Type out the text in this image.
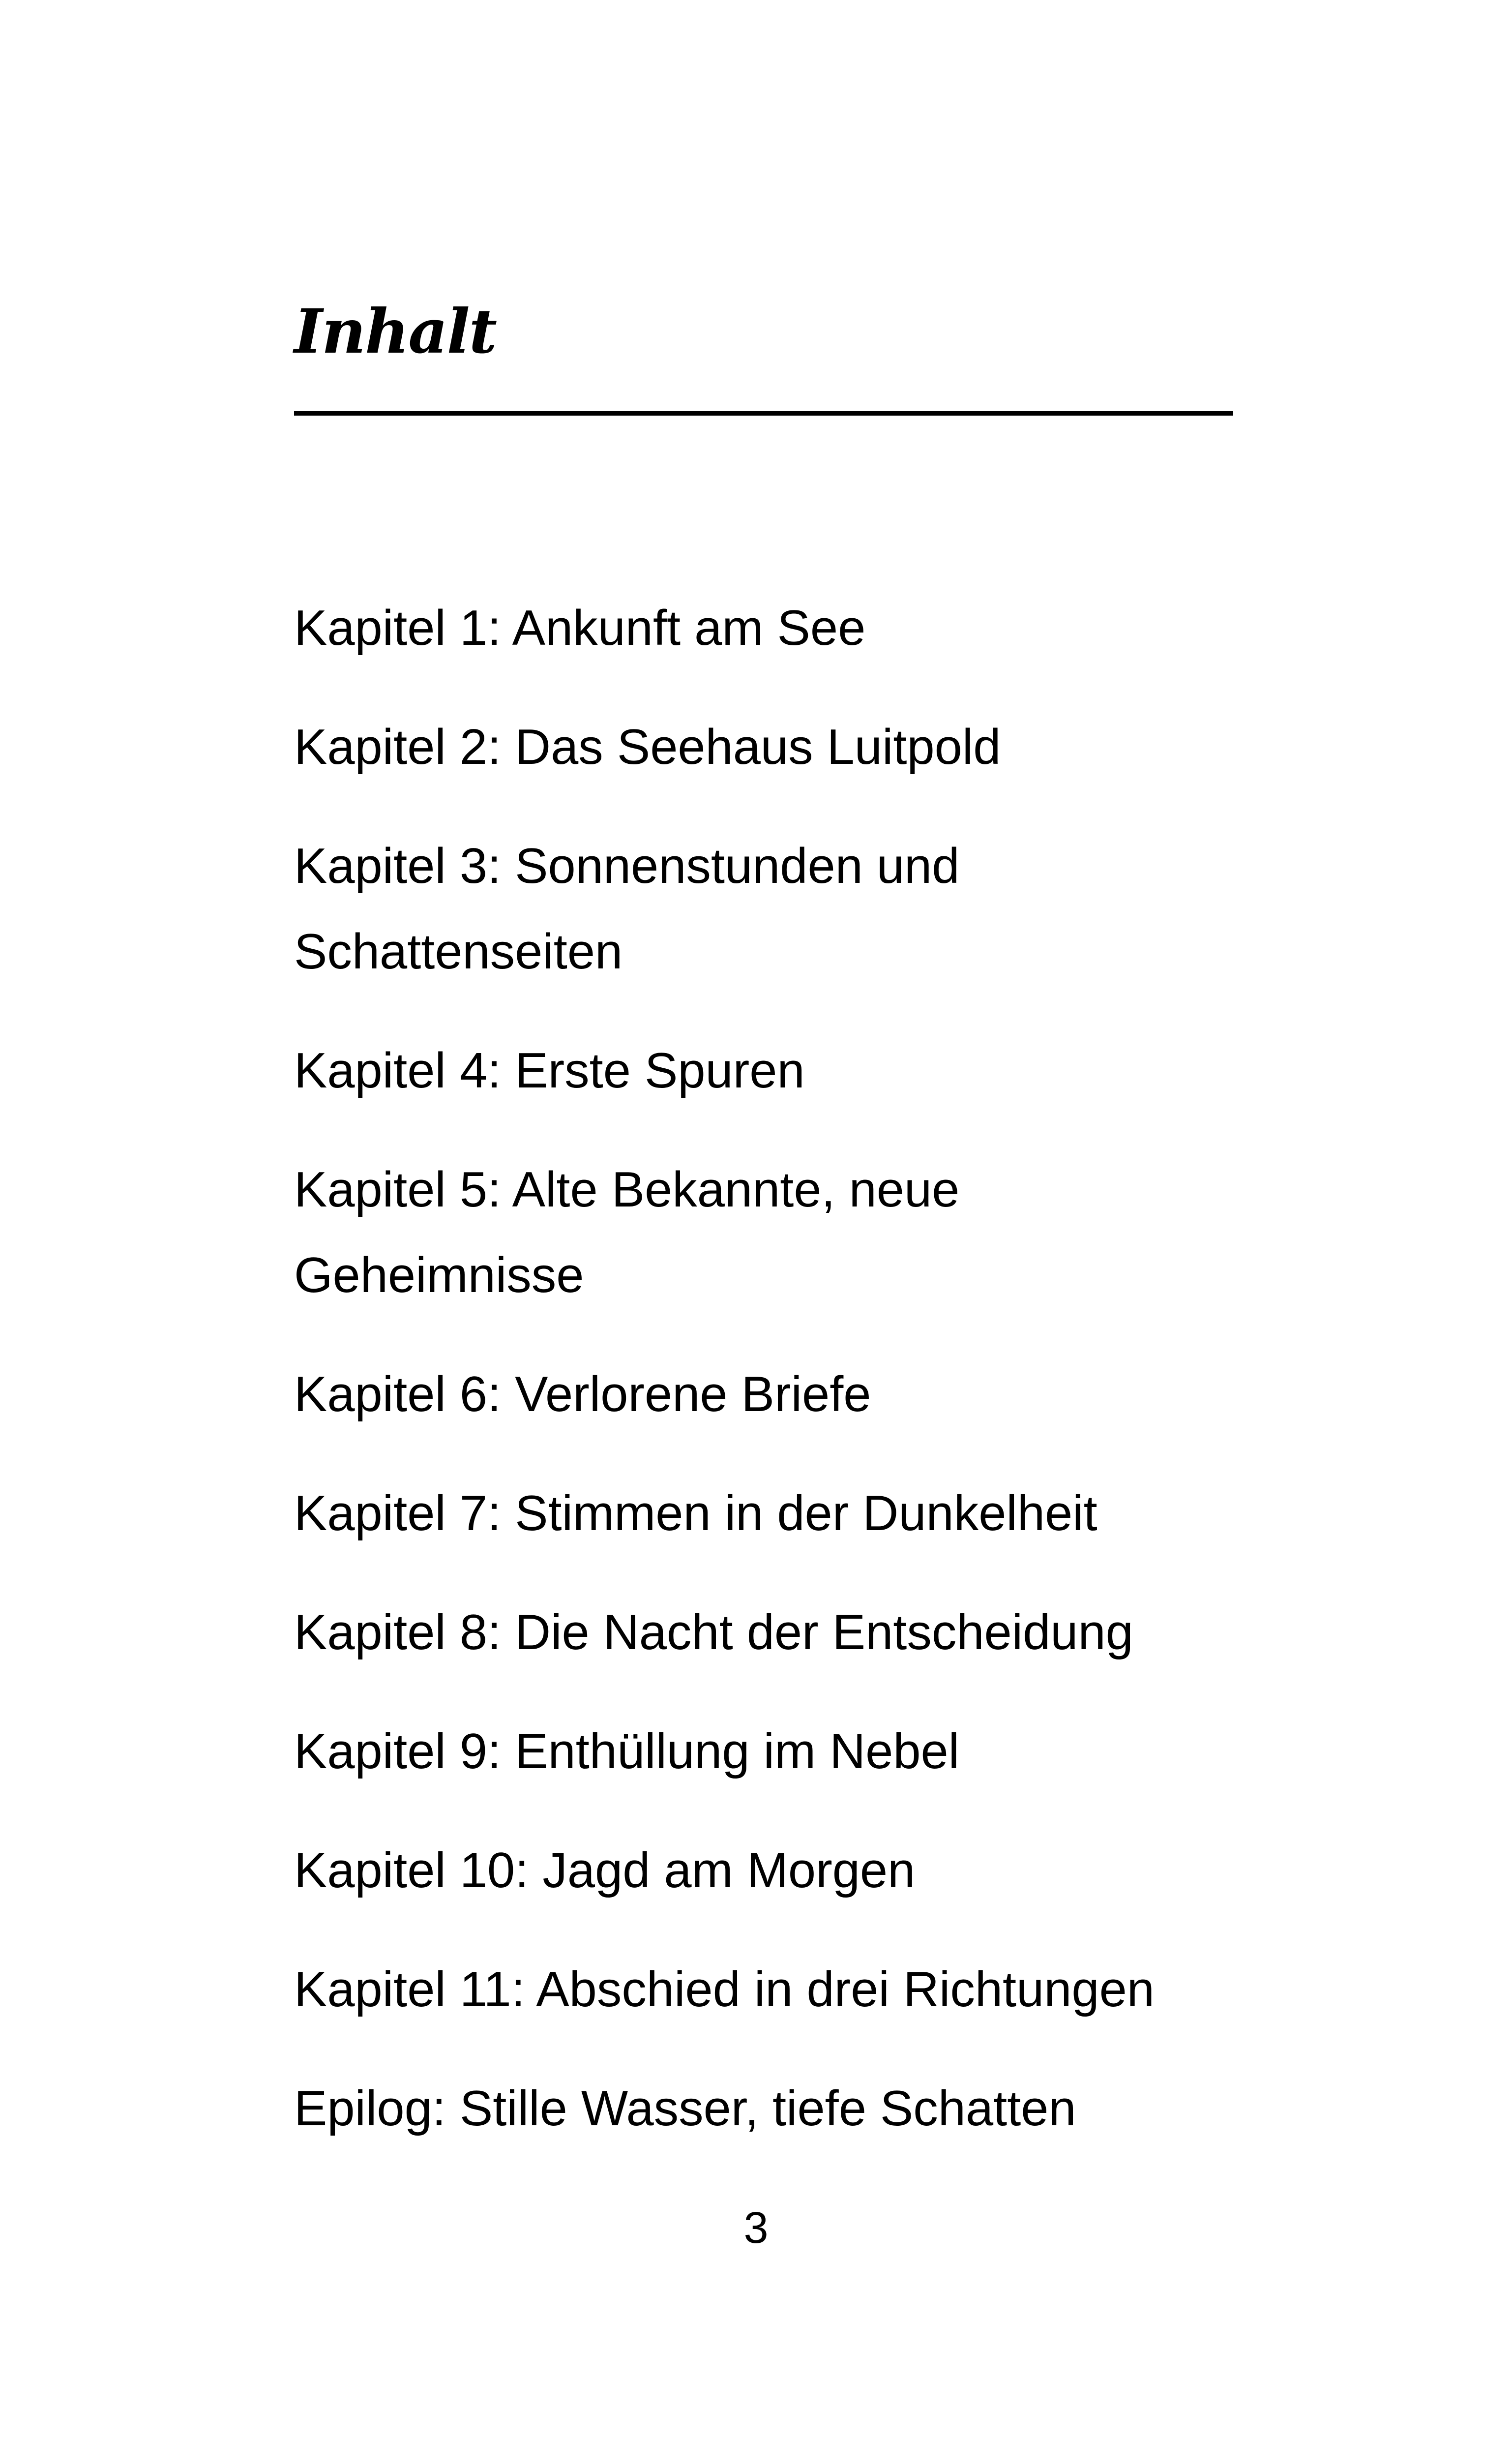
Inhalt
Kapitel 1: Ankunft am See
Kapitel 2: Das Seehaus Luitpold
Kapitel 3: Sonnenstunden und Schattenseiten
Kapitel 4: Erste Spuren
Kapitel 5: Alte Bekannte, neue Geheimnisse
Kapitel 6: Verlorene Briefe
Kapitel 7: Stimmen in der Dunkelheit
Kapitel 8: Die Nacht der Entscheidung
Kapitel 9: Enthüllung im Nebel
Kapitel 10: Jagd am Morgen
Kapitel 11: Abschied in drei Richtungen
Epilog: Stille Wasser, tiefe Schatten
3
